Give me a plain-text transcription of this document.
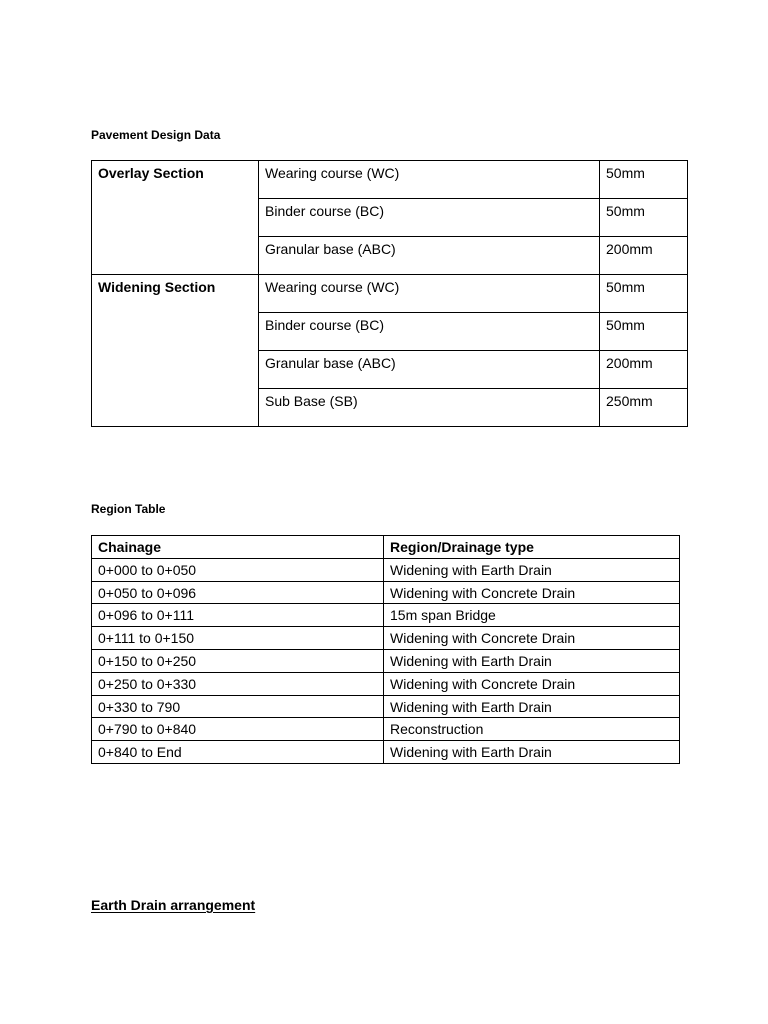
Pavement Design Data

Overlay Section	Wearing course (WC)	50mm
	Binder course (BC)	50mm
	Granular base (ABC)	200mm
Widening Section	Wearing course (WC)	50mm
	Binder course (BC)	50mm
	Granular base (ABC)	200mm
	Sub Base (SB)	250mm

Region Table

Chainage	Region/Drainage type
0+000 to 0+050	Widening with Earth Drain
0+050 to 0+096	Widening with Concrete Drain
0+096 to 0+111	15m span Bridge
0+111 to 0+150	Widening with Concrete Drain
0+150 to 0+250	Widening with Earth Drain
0+250 to 0+330	Widening with Concrete Drain
0+330 to 790	Widening with Earth Drain
0+790 to 0+840	Reconstruction
0+840 to End	Widening with Earth Drain

Earth Drain arrangement
